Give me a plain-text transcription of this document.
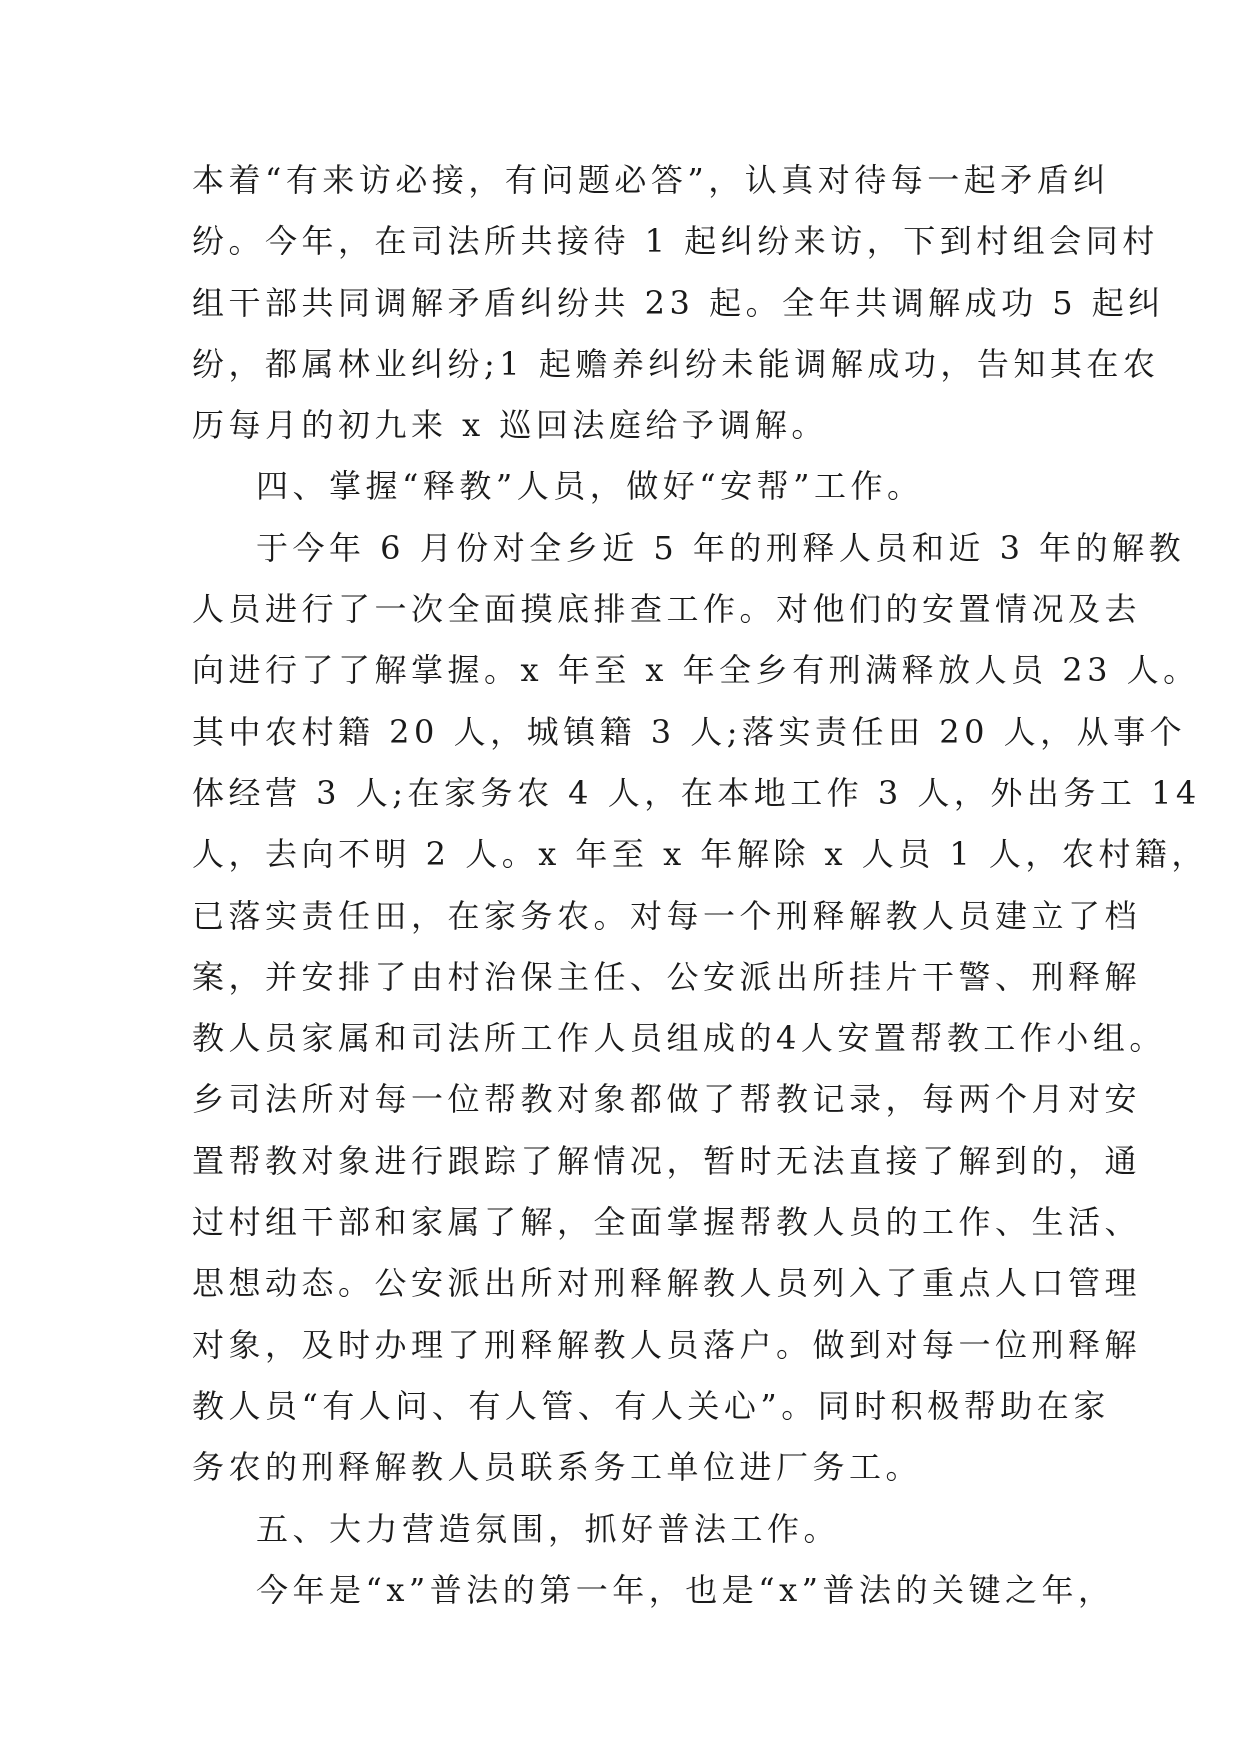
本着“有来访必接，有问题必答”，认真对待每一起矛盾纠
纷。今年，在司法所共接待 1 起纠纷来访，下到村组会同村
组干部共同调解矛盾纠纷共 23 起。全年共调解成功 5 起纠
纷，都属林业纠纷;1 起赡养纠纷未能调解成功，告知其在农
历每月的初九来 x 巡回法庭给予调解。
四、掌握“释教”人员，做好“安帮”工作。
于今年 6 月份对全乡近 5 年的刑释人员和近 3 年的解教
人员进行了一次全面摸底排查工作。对他们的安置情况及去
向进行了了解掌握。x 年至 x 年全乡有刑满释放人员 23 人。
其中农村籍 20 人，城镇籍 3 人;落实责任田 20 人，从事个
体经营 3 人;在家务农 4 人，在本地工作 3 人，外出务工 14
人，去向不明 2 人。x 年至 x 年解除 x 人员 1 人，农村籍，
已落实责任田，在家务农。对每一个刑释解教人员建立了档
案，并安排了由村治保主任、公安派出所挂片干警、刑释解
教人员家属和司法所工作人员组成的4人安置帮教工作小组。
乡司法所对每一位帮教对象都做了帮教记录，每两个月对安
置帮教对象进行跟踪了解情况，暂时无法直接了解到的，通
过村组干部和家属了解，全面掌握帮教人员的工作、生活、
思想动态。公安派出所对刑释解教人员列入了重点人口管理
对象，及时办理了刑释解教人员落户。做到对每一位刑释解
教人员“有人问、有人管、有人关心”。同时积极帮助在家
务农的刑释解教人员联系务工单位进厂务工。
五、大力营造氛围，抓好普法工作。
今年是“x”普法的第一年，也是“x”普法的关键之年，
